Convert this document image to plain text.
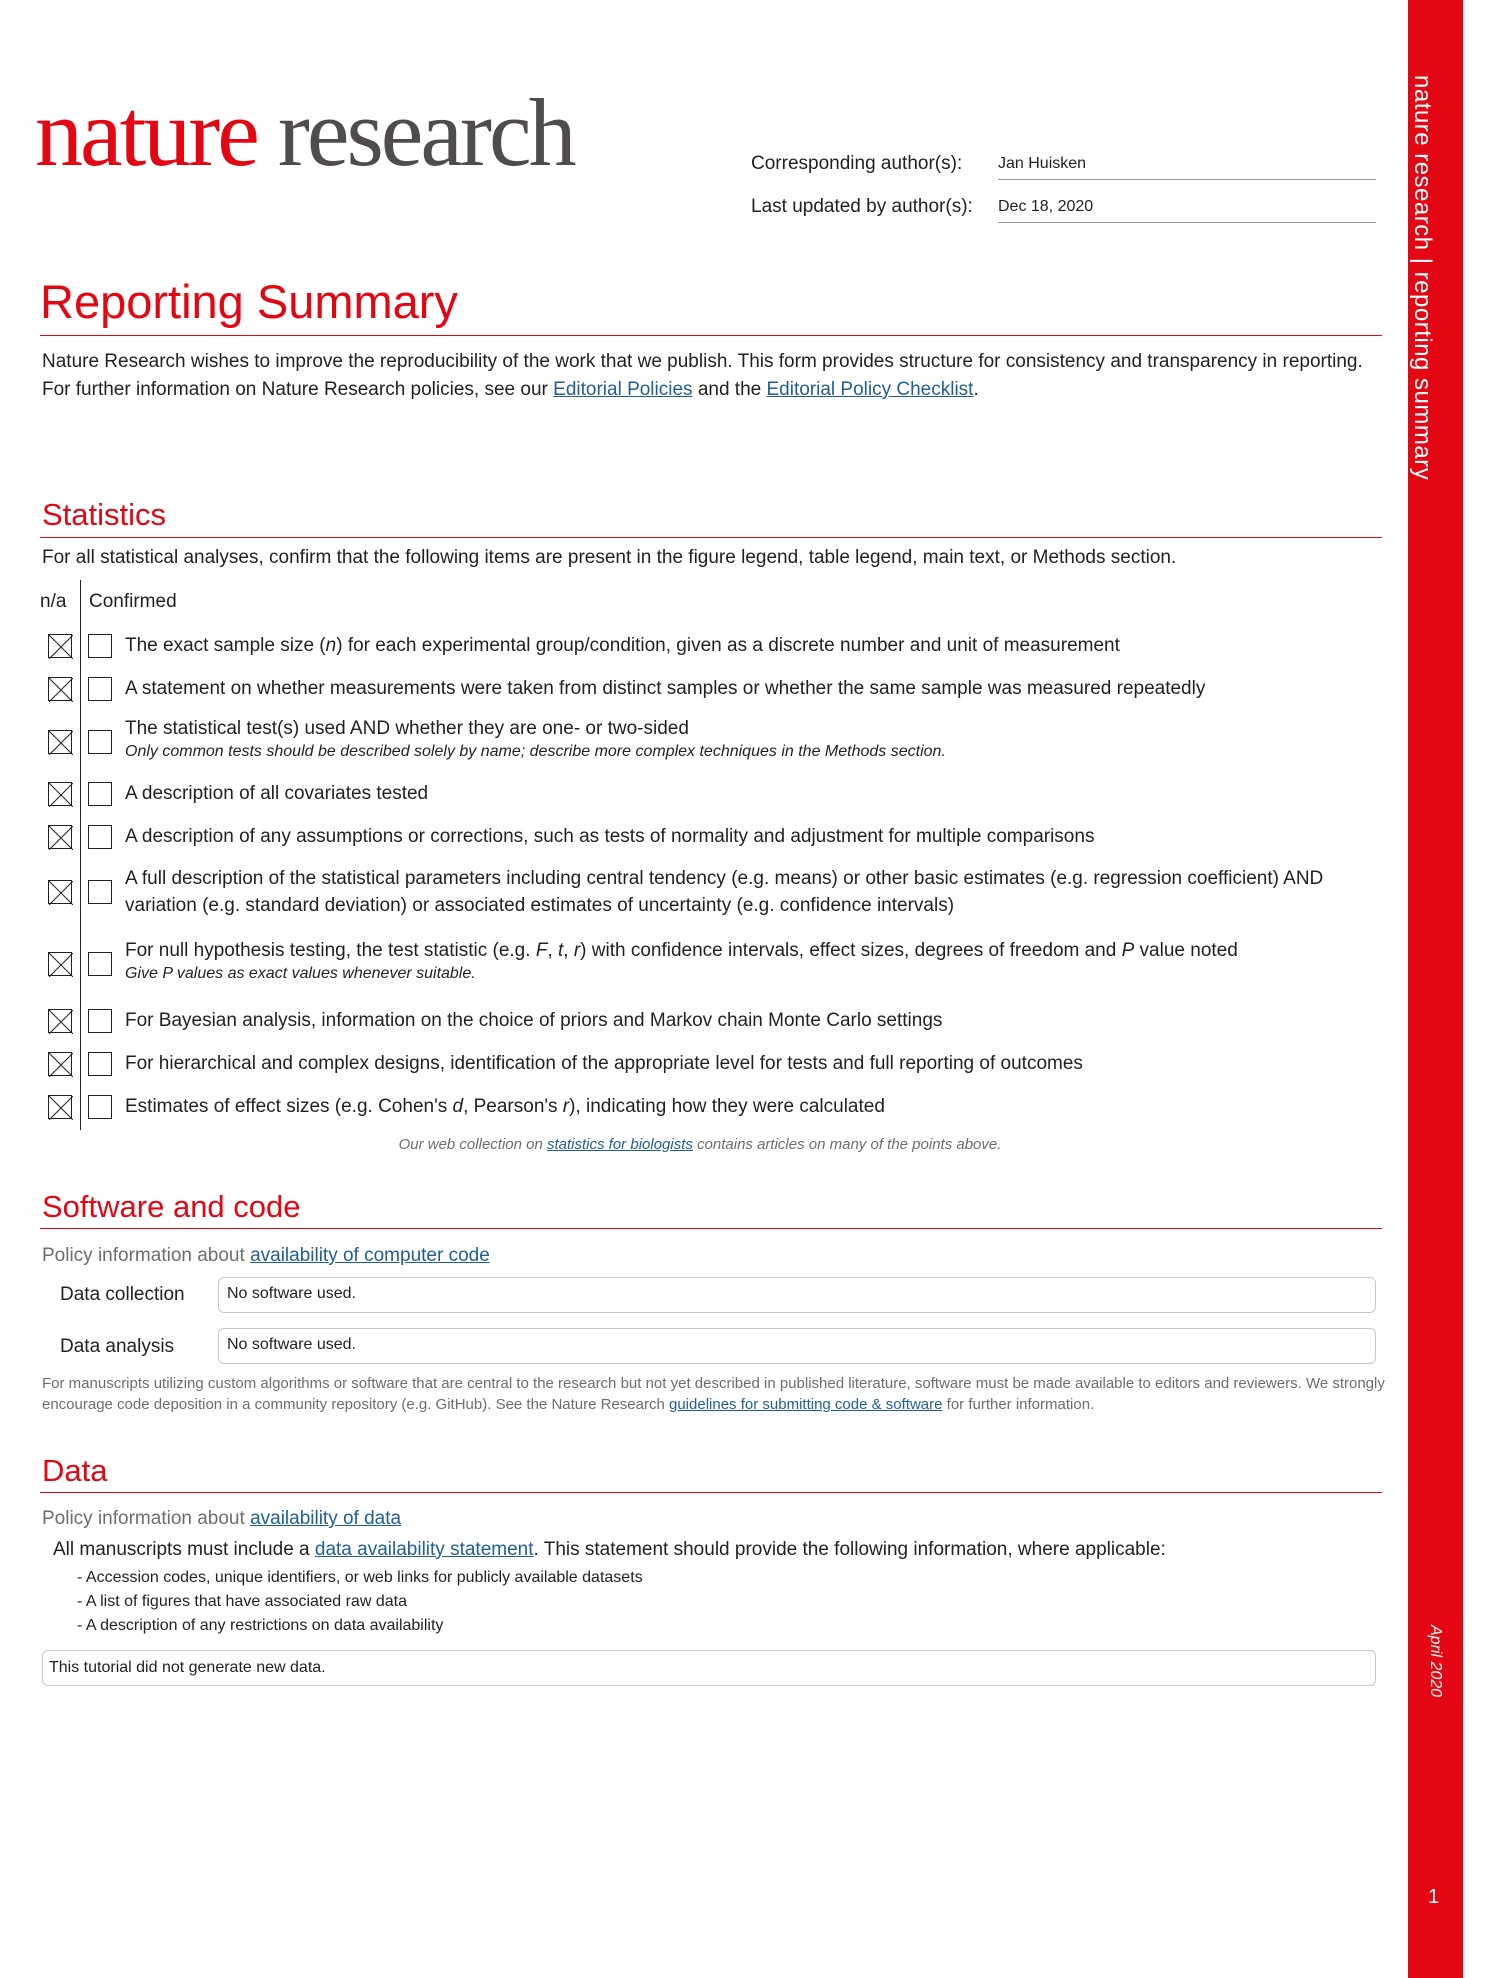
nature research	Corresponding author(s): Jan Huisken
Last updated by author(s): Dec 18, 2020	nature research | reporting summary
April 2020
1
Reporting Summary
Nature Research wishes to improve the reproducibility of the work that we publish. This form provides structure for consistency and transparency in reporting. For further information on Nature Research policies, see our Editorial Policies and the Editorial Policy Checklist.
Statistics
For all statistical analyses, confirm that the following items are present in the figure legend, table legend, main text, or Methods section.
n/a Confirmed
The exact sample size (n) for each experimental group/condition, given as a discrete number and unit of measurement
A statement on whether measurements were taken from distinct samples or whether the same sample was measured repeatedly
The statistical test(s) used AND whether they are one- or two-sided
Only common tests should be described solely by name; describe more complex techniques in the Methods section.
A description of all covariates tested
A description of any assumptions or corrections, such as tests of normality and adjustment for multiple comparisons
A full description of the statistical parameters including central tendency (e.g. means) or other basic estimates (e.g. regression coefficient) AND variation (e.g. standard deviation) or associated estimates of uncertainty (e.g. confidence intervals)
For null hypothesis testing, the test statistic (e.g. F, t, r) with confidence intervals, effect sizes, degrees of freedom and P value noted
Give P values as exact values whenever suitable.
For Bayesian analysis, information on the choice of priors and Markov chain Monte Carlo settings
For hierarchical and complex designs, identification of the appropriate level for tests and full reporting of outcomes
Estimates of effect sizes (e.g. Cohen's d, Pearson's r), indicating how they were calculated
Our web collection on statistics for biologists contains articles on many of the points above.
Software and code
Policy information about availability of computer code
Data collection	No software used.
Data analysis	No software used.
For manuscripts utilizing custom algorithms or software that are central to the research but not yet described in published literature, software must be made available to editors and reviewers. We strongly encourage code deposition in a community repository (e.g. GitHub). See the Nature Research guidelines for submitting code & software for further information.
Data
Policy information about availability of data
All manuscripts must include a data availability statement. This statement should provide the following information, where applicable:
- Accession codes, unique identifiers, or web links for publicly available datasets
- A list of figures that have associated raw data
- A description of any restrictions on data availability
This tutorial did not generate new data.
